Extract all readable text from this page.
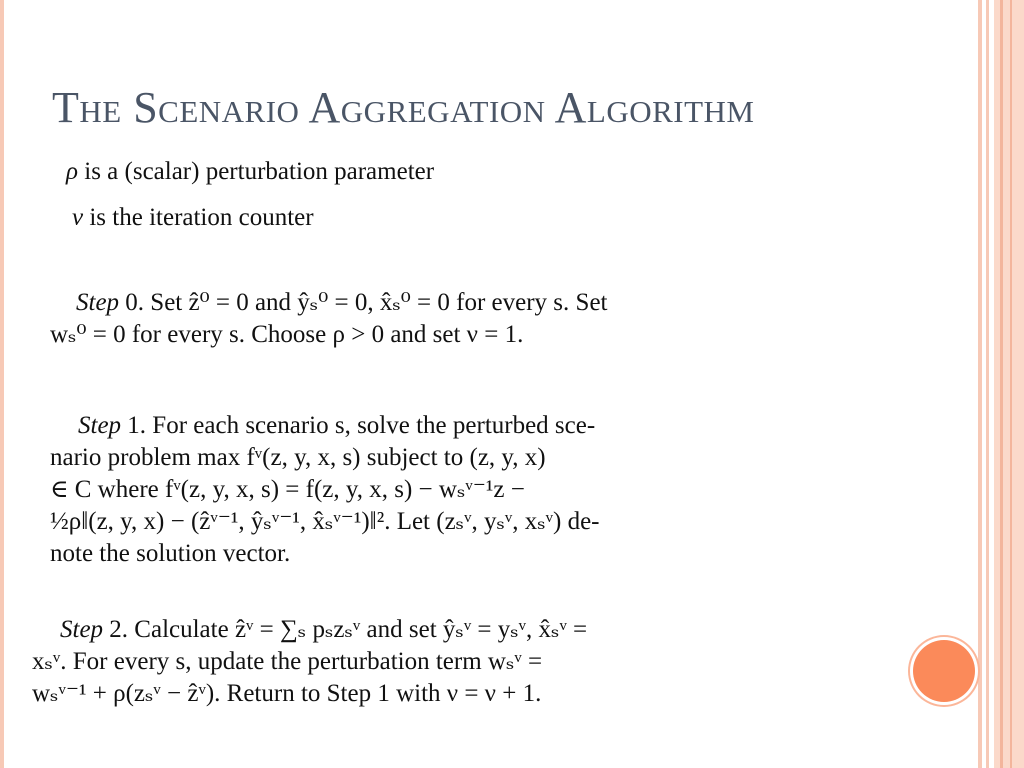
The Scenario Aggregation Algorithm
ρ is a (scalar) perturbation parameter
ν is the iteration counter
Step 0. Set ẑ⁰ = 0 and ŷₛ⁰ = 0, x̂ₛ⁰ = 0 for every s. Set
wₛ⁰ = 0 for every s. Choose ρ > 0 and set ν = 1.
Step 1. For each scenario s, solve the perturbed sce-
nario problem max fᵛ(z, y, x, s) subject to (z, y, x)
∈ C where fᵛ(z, y, x, s) = f(z, y, x, s) − wₛᵛ⁻¹z −
½ρ‖(z, y, x) − (ẑᵛ⁻¹, ŷₛᵛ⁻¹, x̂ₛᵛ⁻¹)‖². Let (zₛᵛ, yₛᵛ, xₛᵛ) de-
note the solution vector.
Step 2. Calculate ẑᵛ = ∑ₛ pₛzₛᵛ and set ŷₛᵛ = yₛᵛ, x̂ₛᵛ =
xₛᵛ. For every s, update the perturbation term wₛᵛ =
wₛᵛ⁻¹ + ρ(zₛᵛ − ẑᵛ). Return to Step 1 with ν = ν + 1.
